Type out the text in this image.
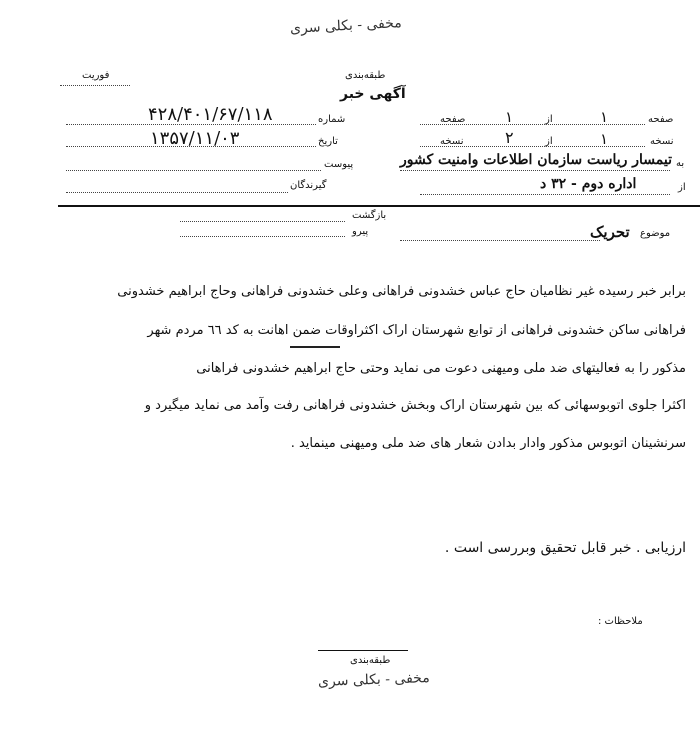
مخفی - بکلی سری
فوریت	طبقه‌بندی
آگهی خبر
شماره
۴۲۸/۴۰۱/۶۷/۱۱۸
تاریخ
۱۳۵۷/۱۱/۰۳
پیوست
گیرندگان
صفحه
۱
از
۱
صفحه
نسخه
۱
از
۲
نسخه
به
تیمسار ریاست سازمان اطلاعات وامنیت کشور
از
اداره دوم - ۳۲ د
بازگشت
پیرو	موضوع
تحریک
برابر خبر رسیده غیر نظامیان حاج عباس خشدونی فراهانی وعلی خشدونی فراهانی وحاج ابراهیم خشدونی
فراهانی ساکن خشدونی فراهانی از توابع شهرستان اراک اکثراوقات ضمن اهانت به کد ٦٦ مردم شهر
مذکور را به فعالیتهای ضد ملی ومیهنی دعوت می نماید وحتی حاج ابراهیم خشدونی فراهانی
اکثرا جلوی اتوبوسهائی که بین شهرستان اراک وبخش خشدونی فراهانی رفت وآمد می نماید میگیرد و
سرنشینان اتوبوس مذکور وادار بدادن شعار های ضد ملی ومیهنی مینماید .
ارزیابی . خبر قابل تحقیق وبررسی است .
ملاحظات :
طبقه‌بندی
مخفی - بکلی سری
